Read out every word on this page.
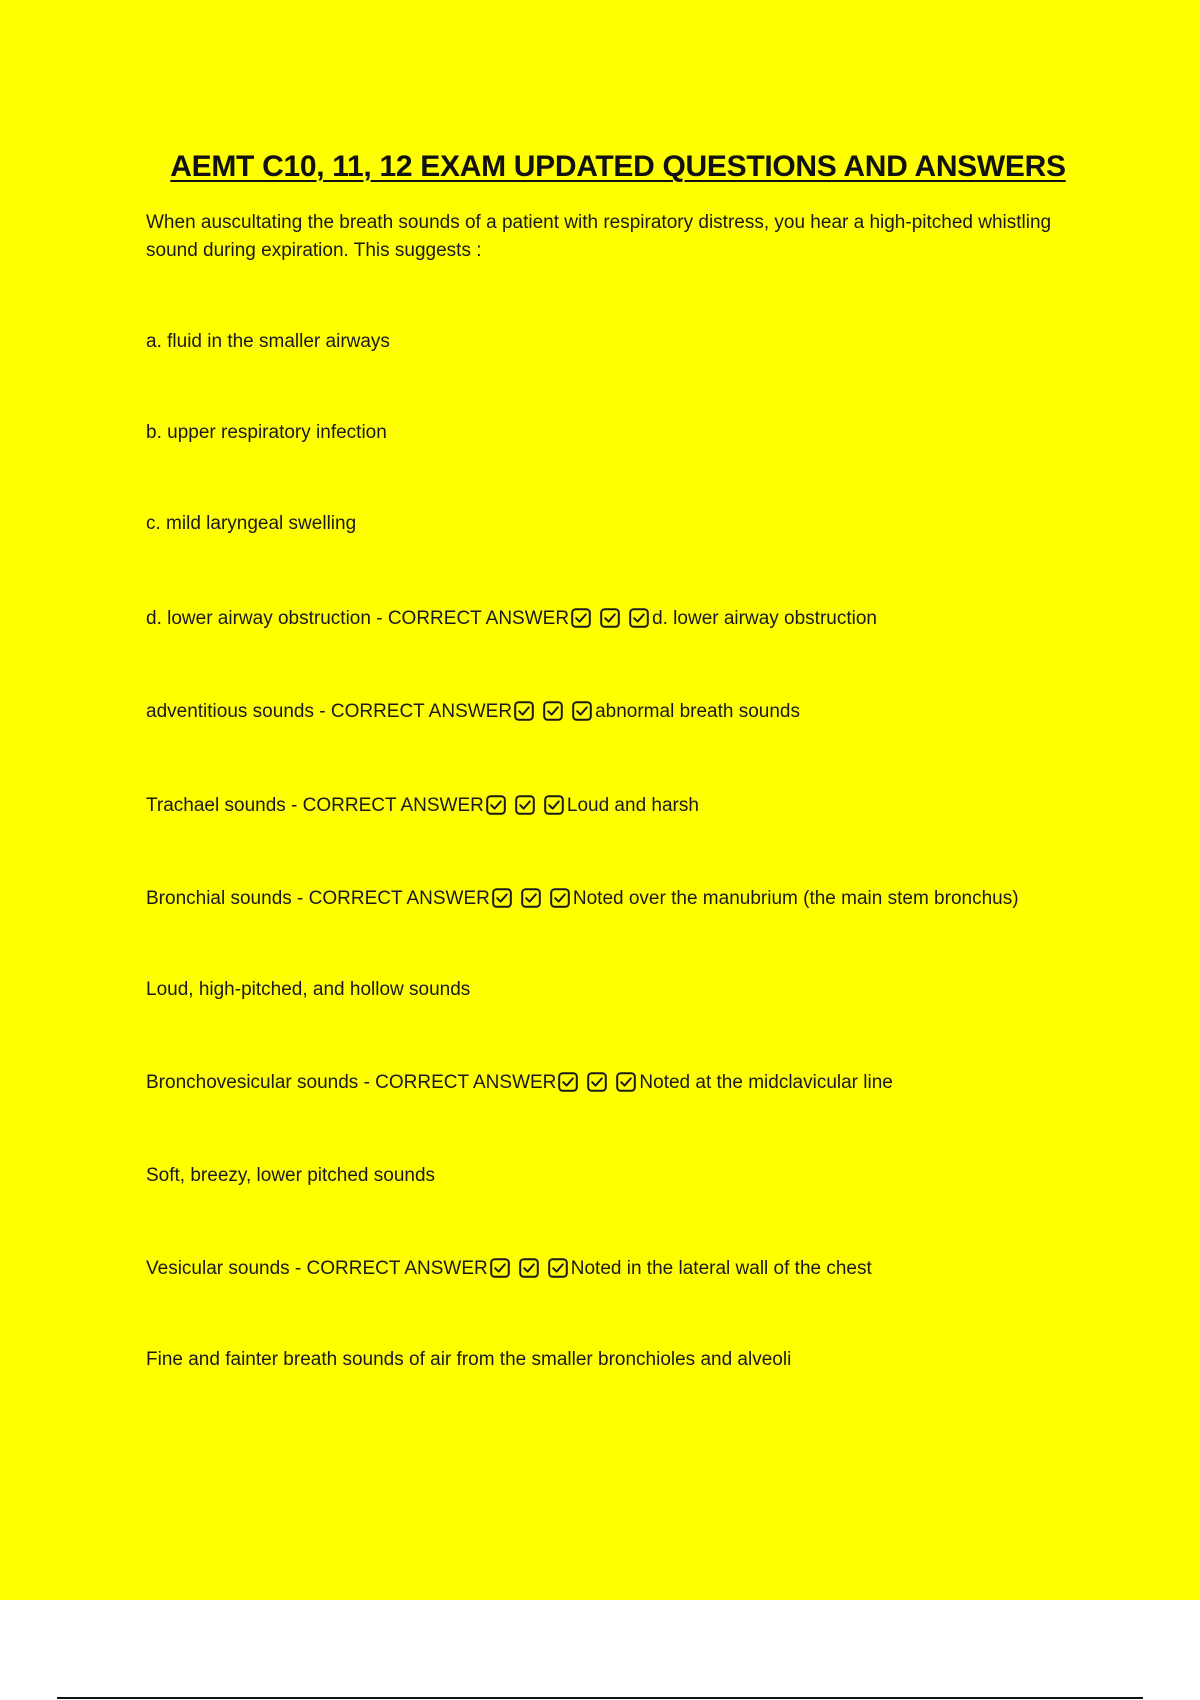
AEMT C10, 11, 12 EXAM UPDATED QUESTIONS AND ANSWERS
When auscultating the breath sounds of a patient with respiratory distress, you hear a high-pitched whistling sound during expiration. This suggests :
a. fluid in the smaller airways
b. upper respiratory infection
c. mild laryngeal swelling
d. lower airway obstruction - CORRECT ANSWER	d. lower airway obstruction
adventitious sounds - CORRECT ANSWER	abnormal breath sounds
Trachael sounds - CORRECT ANSWER	Loud and harsh
Bronchial sounds - CORRECT ANSWER	Noted over the manubrium (the main stem bronchus)
Loud, high-pitched, and hollow sounds
Bronchovesicular sounds - CORRECT ANSWER	Noted at the midclavicular line
Soft, breezy, lower pitched sounds
Vesicular sounds - CORRECT ANSWER	Noted in the lateral wall of the chest
Fine and fainter breath sounds of air from the smaller bronchioles and alveoli
